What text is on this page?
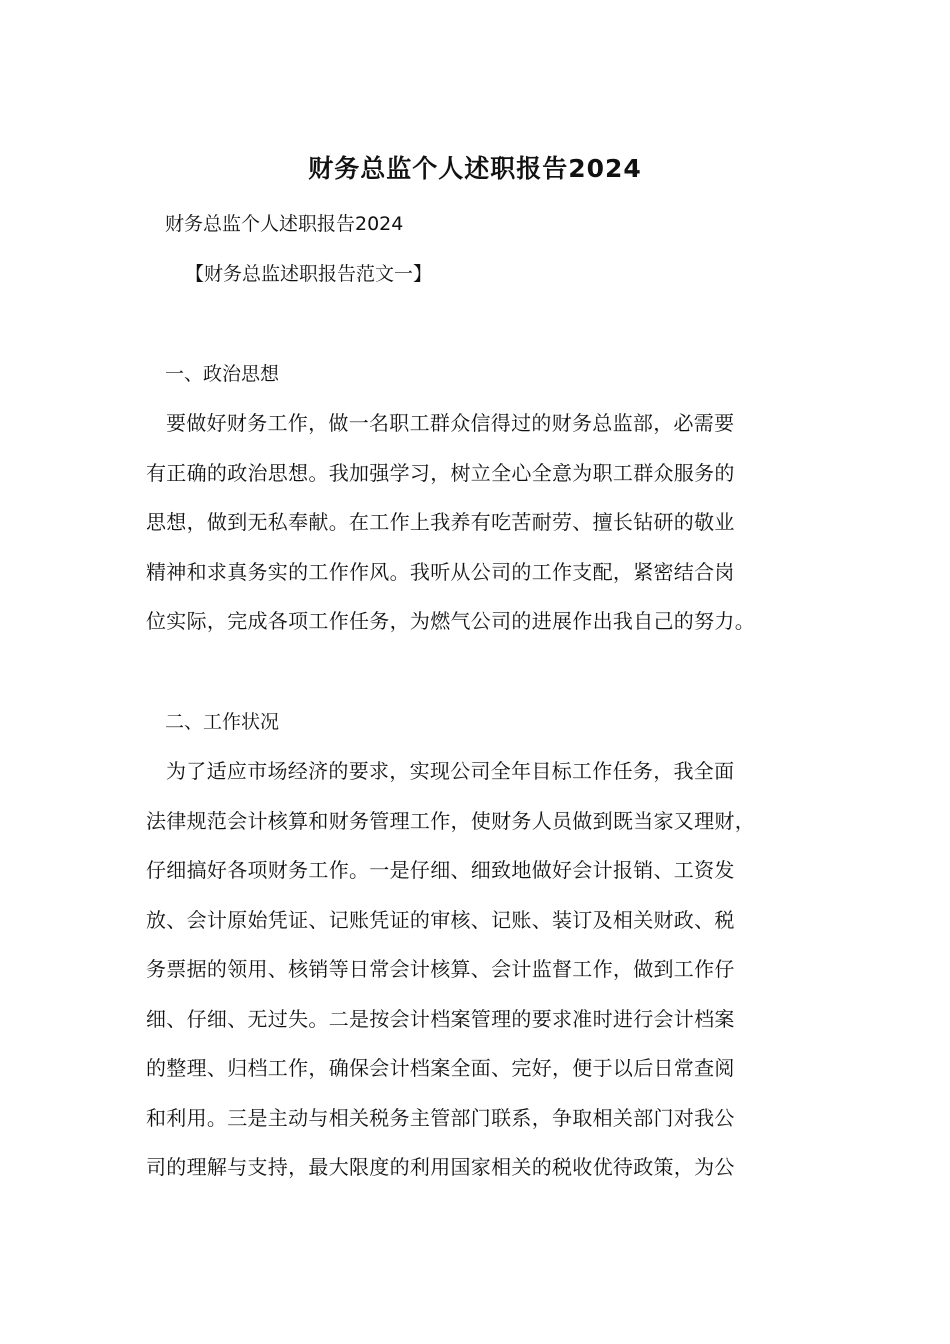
财务总监个人述职报告2024

财务总监个人述职报告2024

【财务总监述职报告范文一】

一、政治思想

要做好财务工作，做一名职工群众信得过的财务总监部，必需要
有正确的政治思想。我加强学习，树立全心全意为职工群众服务的
思想，做到无私奉献。在工作上我养有吃苦耐劳、擅长钻研的敬业
精神和求真务实的工作作风。我听从公司的工作支配，紧密结合岗
位实际，完成各项工作任务，为燃气公司的进展作出我自己的努力。

二、工作状况

为了适应市场经济的要求，实现公司全年目标工作任务，我全面
法律规范会计核算和财务管理工作，使财务人员做到既当家又理财，
仔细搞好各项财务工作。一是仔细、细致地做好会计报销、工资发
放、会计原始凭证、记账凭证的审核、记账、装订及相关财政、税
务票据的领用、核销等日常会计核算、会计监督工作，做到工作仔
细、仔细、无过失。二是按会计档案管理的要求准时进行会计档案
的整理、归档工作，确保会计档案全面、完好，便于以后日常查阅
和利用。三是主动与相关税务主管部门联系，争取相关部门对我公
司的理解与支持，最大限度的利用国家相关的税收优待政策，为公
